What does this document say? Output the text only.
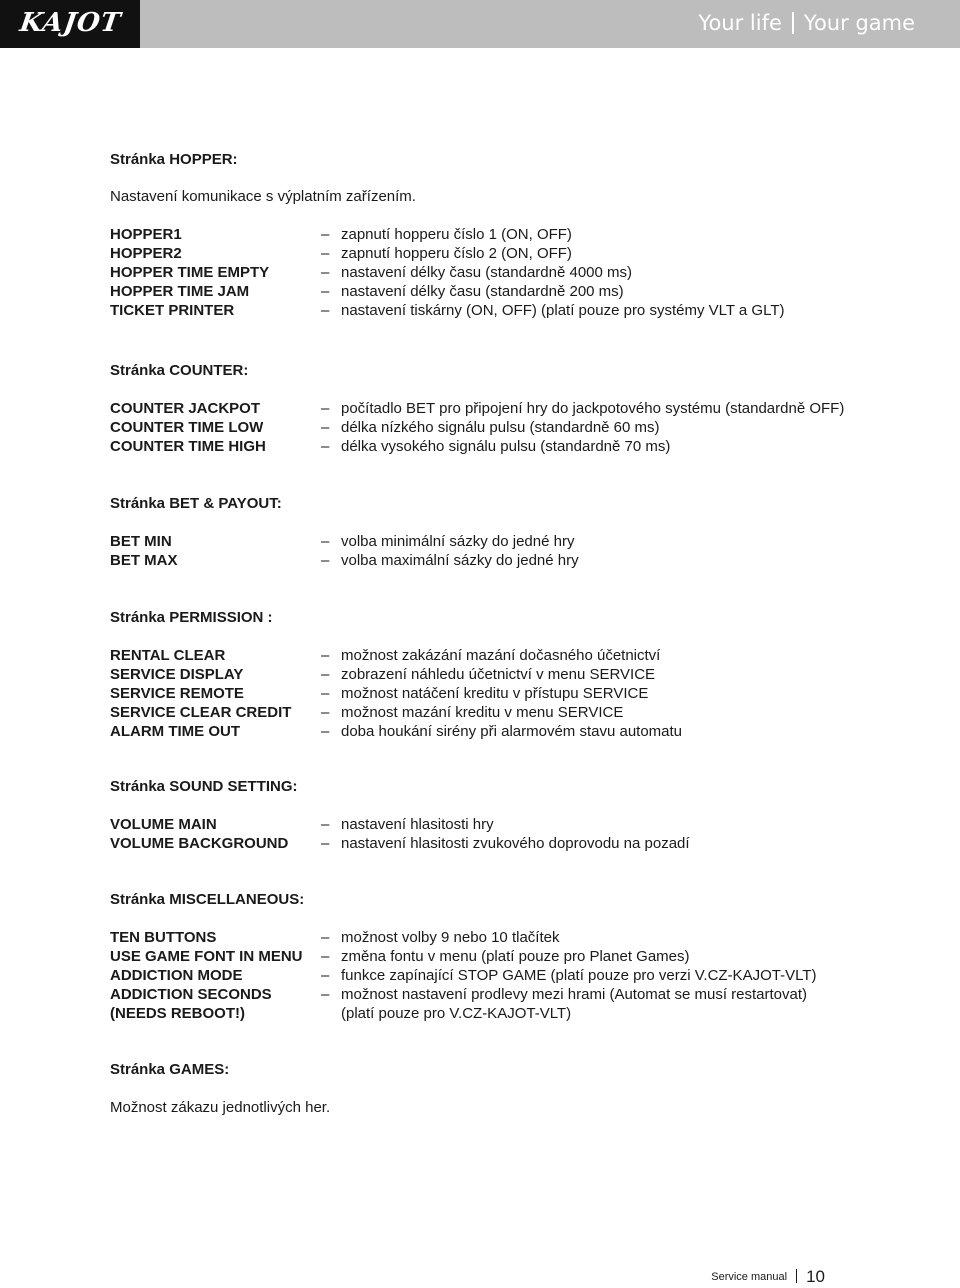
KAJOT	Your life Your game
Stránka HOPPER:
Nastavení komunikace s výplatním zařízením.
HOPPER1	– zapnutí hopperu číslo 1 (ON, OFF)
HOPPER2	– zapnutí hopperu číslo 2 (ON, OFF)
HOPPER TIME EMPTY	– nastavení délky času (standardně 4000 ms)
HOPPER TIME JAM	– nastavení délky času (standardně 200 ms)
TICKET PRINTER	– nastavení tiskárny (ON, OFF) (platí pouze pro systémy VLT a GLT)
Stránka COUNTER:
COUNTER JACKPOT	– počítadlo BET pro připojení hry do jackpotového systému (standardně OFF)
COUNTER TIME LOW	– délka nízkého signálu pulsu (standardně 60 ms)
COUNTER TIME HIGH	– délka vysokého signálu pulsu (standardně 70 ms)
Stránka BET & PAYOUT:
BET MIN	– volba minimální sázky do jedné hry
BET MAX	– volba maximální sázky do jedné hry
Stránka PERMISSION :
RENTAL CLEAR	– možnost zakázání mazání dočasného účetnictví
SERVICE DISPLAY	– zobrazení náhledu účetnictví v menu SERVICE
SERVICE REMOTE	– možnost natáčení kreditu v přístupu SERVICE
SERVICE CLEAR CREDIT – možnost mazání kreditu v menu SERVICE
ALARM TIME OUT	– doba houkání sirény při alarmovém stavu automatu
Stránka SOUND SETTING:
VOLUME MAIN	– nastavení hlasitosti hry
VOLUME BACKGROUND – nastavení hlasitosti zvukového doprovodu na pozadí
Stránka MISCELLANEOUS:
TEN BUTTONS	– možnost volby 9 nebo 10 tlačítek
USE GAME FONT IN MENU – změna fontu v menu (platí pouze pro Planet Games)
ADDICTION MODE	– funkce zapínající STOP GAME (platí pouze pro verzi V.CZ-KAJOT-VLT)
ADDICTION SECONDS	– možnost nastavení prodlevy mezi hrami (Automat se musí restartovat)
(NEEDS REBOOT!)	(platí pouze pro V.CZ-KAJOT-VLT)
Stránka GAMES:
Možnost zákazu jednotlivých her.
Service manual 10
